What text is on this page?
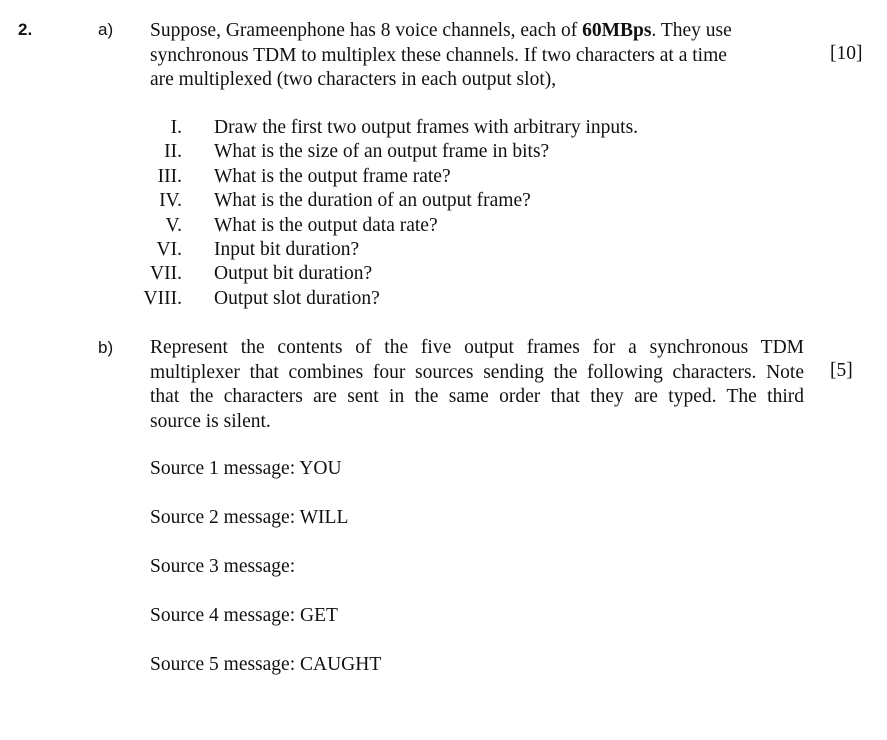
2.	a) Suppose, Grameenphone has 8 voice channels, each of 60MBps. They use
synchronous TDM to multiplex these channels. If two characters at a time
are multiplexed (two characters in each output slot),
[10]
I.	Draw the first two output frames with arbitrary inputs.
II.	What is the size of an output frame in bits?
III.	What is the output frame rate?
IV.	What is the duration of an output frame?
V.	What is the output data rate?
VI.	Input bit duration?
VII.	Output bit duration?
VIII.	Output slot duration?
b) Represent the contents of the five output frames for a synchronous TDM
multiplexer that combines four sources sending the following characters. Note
that the characters are sent in the same order that they are typed. The third
source is silent.
[5]
Source 1 message: YOU
Source 2 message: WILL
Source 3 message:
Source 4 message: GET
Source 5 message: CAUGHT
